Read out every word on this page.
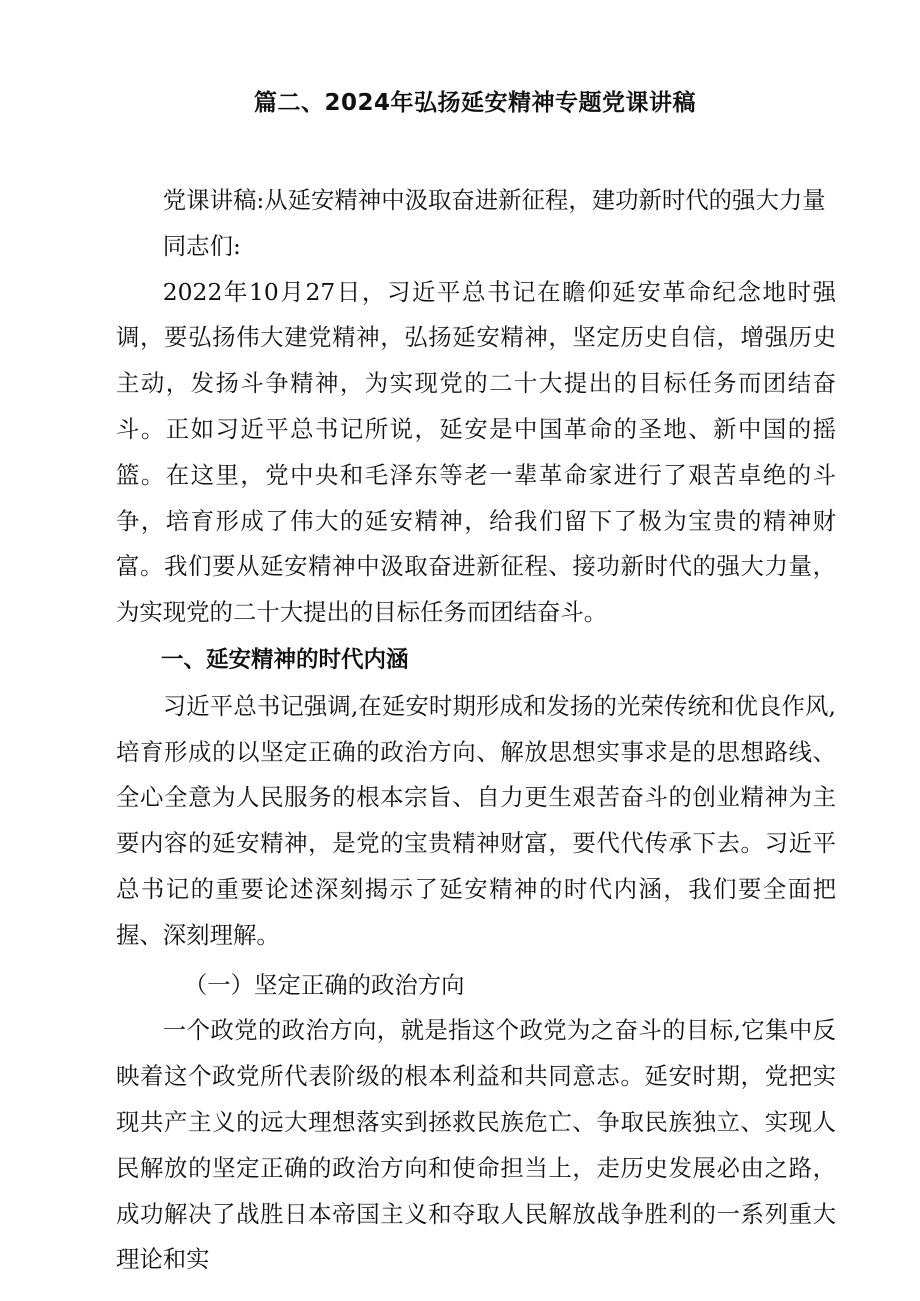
篇二、2024年弘扬延安精神专题党课讲稿

党课讲稿:从延安精神中汲取奋进新征程，建功新时代的强大力量

同志们:

2022年10月27日，习近平总书记在瞻仰延安革命纪念地时强调，要弘扬伟大建党精神，弘扬延安精神，坚定历史自信，增强历史主动，发扬斗争精神，为实现党的二十大提出的目标任务而团结奋斗。正如习近平总书记所说，延安是中国革命的圣地、新中国的摇篮。在这里，党中央和毛泽东等老一辈革命家进行了艰苦卓绝的斗争，培育形成了伟大的延安精神，给我们留下了极为宝贵的精神财富。我们要从延安精神中汲取奋进新征程、接功新时代的强大力量，为实现党的二十大提出的目标任务而团结奋斗。

一、延安精神的时代内涵

习近平总书记强调,在延安时期形成和发扬的光荣传统和优良作风,培育形成的以坚定正确的政治方向、解放思想实事求是的思想路线、全心全意为人民服务的根本宗旨、自力更生艰苦奋斗的创业精神为主要内容的延安精神，是党的宝贵精神财富，要代代传承下去。习近平总书记的重要论述深刻揭示了延安精神的时代内涵，我们要全面把握、深刻理解。

（一）坚定正确的政治方向

一个政党的政治方向，就是指这个政党为之奋斗的目标,它集中反映着这个政党所代表阶级的根本利益和共同意志。延安时期，党把实现共产主义的远大理想落实到拯救民族危亡、争取民族独立、实现人民解放的坚定正确的政治方向和使命担当上，走历史发展必由之路，成功解决了战胜日本帝国主义和夺取人民解放战争胜利的一系列重大理论和实
